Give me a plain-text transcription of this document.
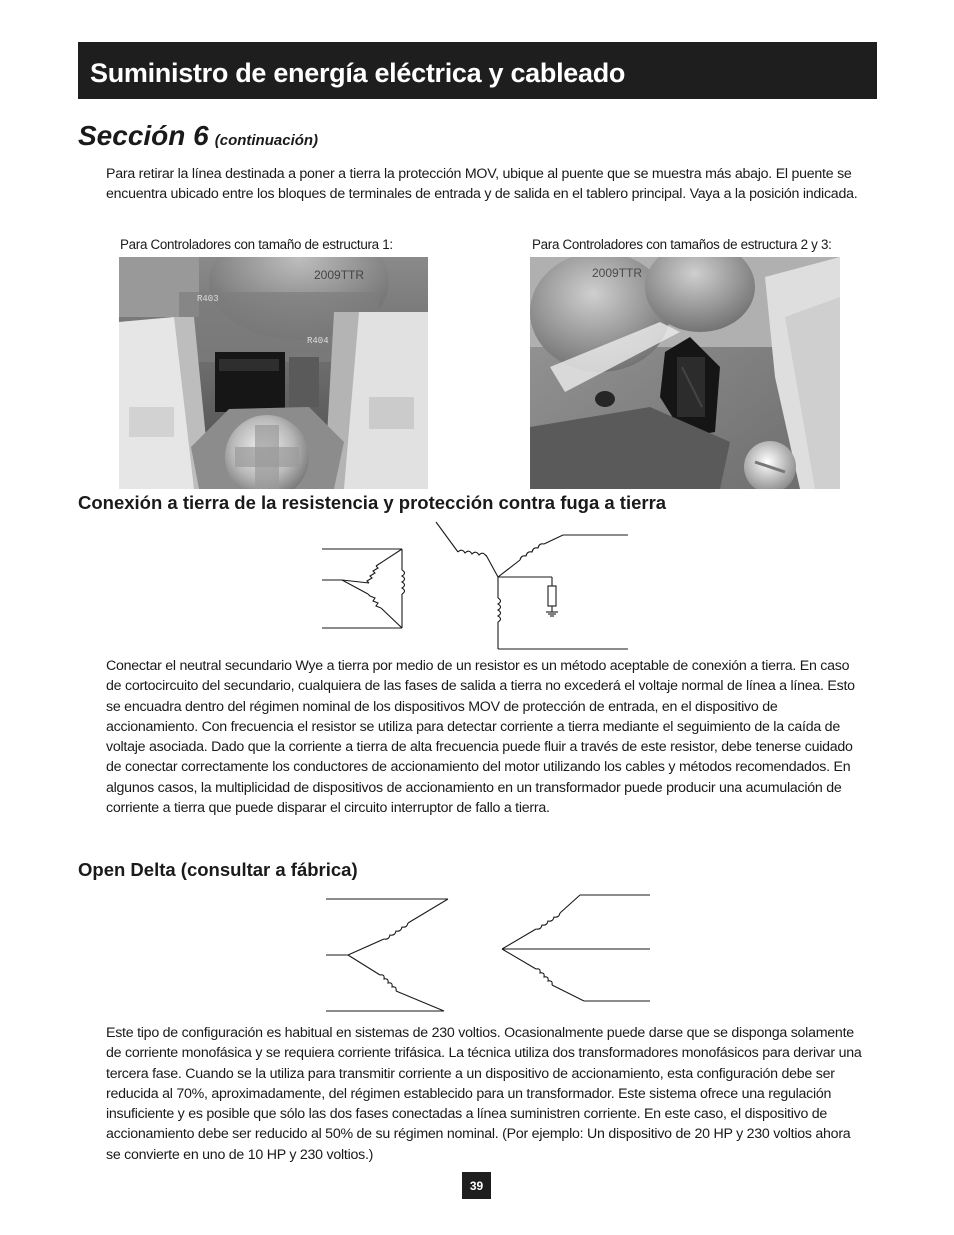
Suministro de energía eléctrica y cableado
Sección 6 (continuación)

Para retirar la línea destinada a poner a tierra la protección MOV, ubique al puente que se muestra más abajo. El puente se encuentra ubicado entre los bloques de terminales de entrada y de salida en el tablero principal. Vaya a la posición indicada.

Para Controladores con tamaño de estructura 1:	Para Controladores con tamaños de estructura 2 y 3:

2009TTR
R403
R404
2009TTR
Conexión a tierra de la resistencia y protección contra fuga a tierra

Conectar el neutral secundario Wye a tierra por medio de un resistor es un método aceptable de conexión a tierra. En caso de cortocircuito del secundario, cualquiera de las fases de salida a tierra no excederá el voltaje normal de línea a línea. Esto se encuadra dentro del régimen nominal de los dispositivos MOV de protección de entrada, en el dispositivo de accionamiento. Con frecuencia el resistor se utiliza para detectar corriente a tierra mediante el seguimiento de la caída de voltaje asociada. Dado que la corriente a tierra de alta frecuencia puede fluir a través de este resistor, debe tenerse cuidado de conectar correctamente los conductores de accionamiento del motor utilizando los cables y métodos recomendados. En algunos casos, la multiplicidad de dispositivos de accionamiento en un transformador puede producir una acumulación de corriente a tierra que puede disparar el circuito interruptor de fallo a tierra.

Open Delta (consultar a fábrica)

Este tipo de configuración es habitual en sistemas de 230 voltios. Ocasionalmente puede darse que se disponga solamente de corriente monofásica y se requiera corriente trifásica. La técnica utiliza dos transformadores monofásicos para derivar una tercera fase. Cuando se la utiliza para transmitir corriente a un dispositivo de accionamiento, esta configuración debe ser reducida al 70%, aproximadamente, del régimen establecido para un transformador. Este sistema ofrece una regulación insuficiente y es posible que sólo las dos fases conectadas a línea suministren corriente. En este caso, el dispositivo de accionamiento debe ser reducido al 50% de su régimen nominal. (Por ejemplo: Un dispositivo de 20 HP y 230 voltios ahora se convierte en uno de 10 HP y 230 voltios.)

39
